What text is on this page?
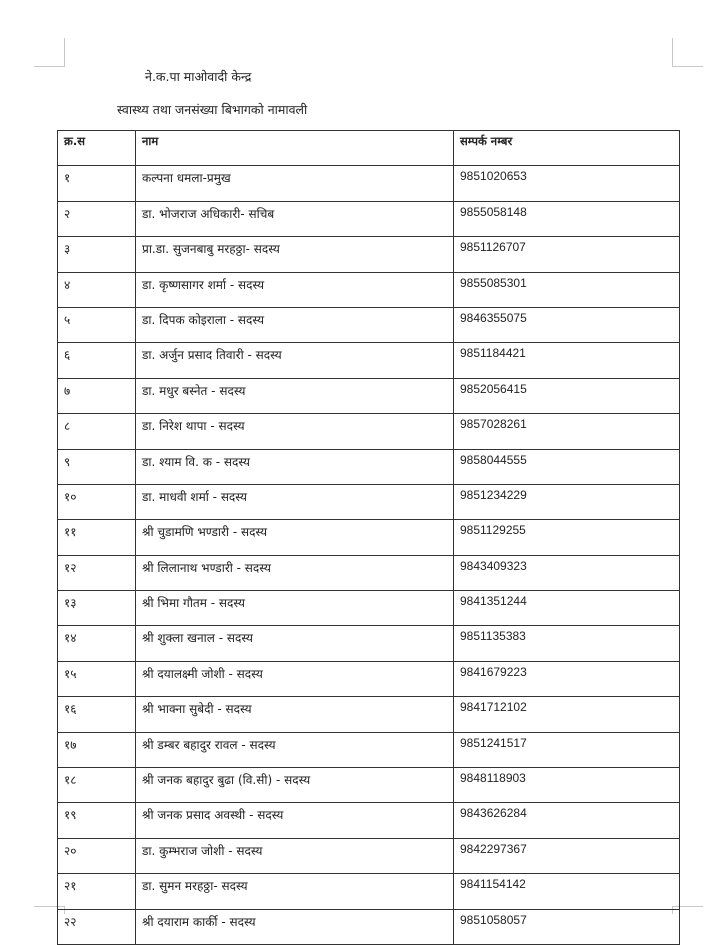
ने.क.पा माओवादी केन्द्र
स्वास्थ्य तथा जनसंख्या बिभागको नामावली
क्र.स	नाम	सम्पर्क नम्बर
१	कल्पना धमला-प्रमुख	9851020653
२	डा. भोजराज अधिकारी- सचिब	9855058148
३	प्रा.डा. सुजनबाबु मरहठ्ठा- सदस्य	9851126707
४	डा. कृष्णसागर शर्मा - सदस्य	9855085301
५	डा. दिपक कोइराला - सदस्य	9846355075
६	डा. अर्जुन प्रसाद तिवारी - सदस्य	9851184421
७	डा. मधुर बस्नेत - सदस्य	9852056415
८	डा. निरेश थापा - सदस्य	9857028261
९	डा. श्याम वि. क - सदस्य	9858044555
१०	डा. माधवी शर्मा - सदस्य	9851234229
११	श्री चुडामणि भण्डारी - सदस्य	9851129255
१२	श्री लिलानाथ भण्डारी - सदस्य	9843409323
१३	श्री भिमा गौतम - सदस्य	9841351244
१४	श्री शुक्ला खनाल - सदस्य	9851135383
१५	श्री दयालक्ष्मी जोशी - सदस्य	9841679223
१६	श्री भाक्ना सुबेदी - सदस्य	9841712102
१७	श्री डम्बर बहादुर रावल - सदस्य	9851241517
१८	श्री जनक बहादुर बुढा (वि.सी) - सदस्य	9848118903
१९	श्री जनक प्रसाद अवस्थी - सदस्य	9843626284
२०	डा. कुम्भराज जोशी - सदस्य	9842297367
२१	डा. सुमन मरहठ्ठा- सदस्य	9841154142
२२	श्री दयाराम कार्की - सदस्य	9851058057
